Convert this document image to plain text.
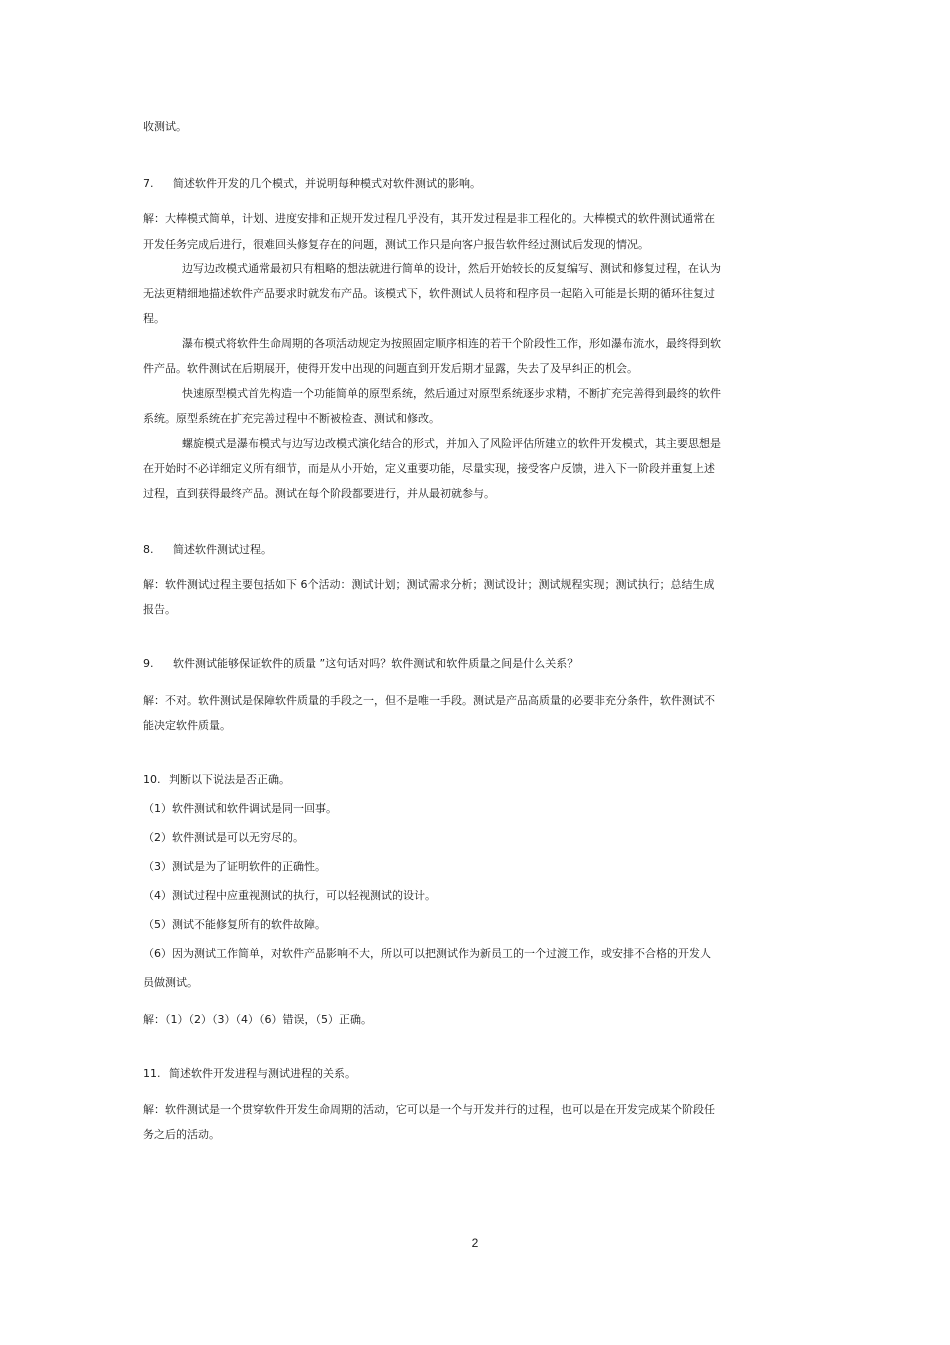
收测试。
7. 简述软件开发的几个模式，并说明每种模式对软件测试的影响。
解：大棒模式简单，计划、进度安排和正规开发过程几乎没有，其开发过程是非工程化的。大棒模式的软件测试通常在
开发任务完成后进行，很难回头修复存在的问题，测试工作只是向客户报告软件经过测试后发现的情况。
边写边改模式通常最初只有粗略的想法就进行简单的设计，然后开始较长的反复编写、测试和修复过程，在认为
无法更精细地描述软件产品要求时就发布产品。该模式下，软件测试人员将和程序员一起陷入可能是长期的循环往复过
程。
瀑布模式将软件生命周期的各项活动规定为按照固定顺序相连的若干个阶段性工作，形如瀑布流水，最终得到软
件产品。软件测试在后期展开，使得开发中出现的问题直到开发后期才显露，失去了及早纠正的机会。
快速原型模式首先构造一个功能简单的原型系统，然后通过对原型系统逐步求精，不断扩充完善得到最终的软件
系统。原型系统在扩充完善过程中不断被检查、测试和修改。
螺旋模式是瀑布模式与边写边改模式演化结合的形式，并加入了风险评估所建立的软件开发模式，其主要思想是
在开始时不必详细定义所有细节，而是从小开始，定义重要功能，尽量实现，接受客户反馈，进入下一阶段并重复上述
过程，直到获得最终产品。测试在每个阶段都要进行，并从最初就参与。
8. 简述软件测试过程。
解：软件测试过程主要包括如下 6个活动：测试计划；测试需求分析；测试设计；测试规程实现；测试执行；总结生成
报告。
9. 软件测试能够保证软件的质量 ”这句话对吗？软件测试和软件质量之间是什么关系？
解：不对。软件测试是保障软件质量的手段之一，但不是唯一手段。测试是产品高质量的必要非充分条件，软件测试不
能决定软件质量。
10. 判断以下说法是否正确。
（1）软件测试和软件调试是同一回事。
（2）软件测试是可以无穷尽的。
（3）测试是为了证明软件的正确性。
（4）测试过程中应重视测试的执行，可以轻视测试的设计。
（5）测试不能修复所有的软件故障。
（6）因为测试工作简单，对软件产品影响不大，所以可以把测试作为新员工的一个过渡工作，或安排不合格的开发人
员做测试。
解：（1）（2）（3）（4）（6）错误，（5）正确。
11. 简述软件开发进程与测试进程的关系。
解：软件测试是一个贯穿软件开发生命周期的活动，它可以是一个与开发并行的过程，也可以是在开发完成某个阶段任
务之后的活动。
2
